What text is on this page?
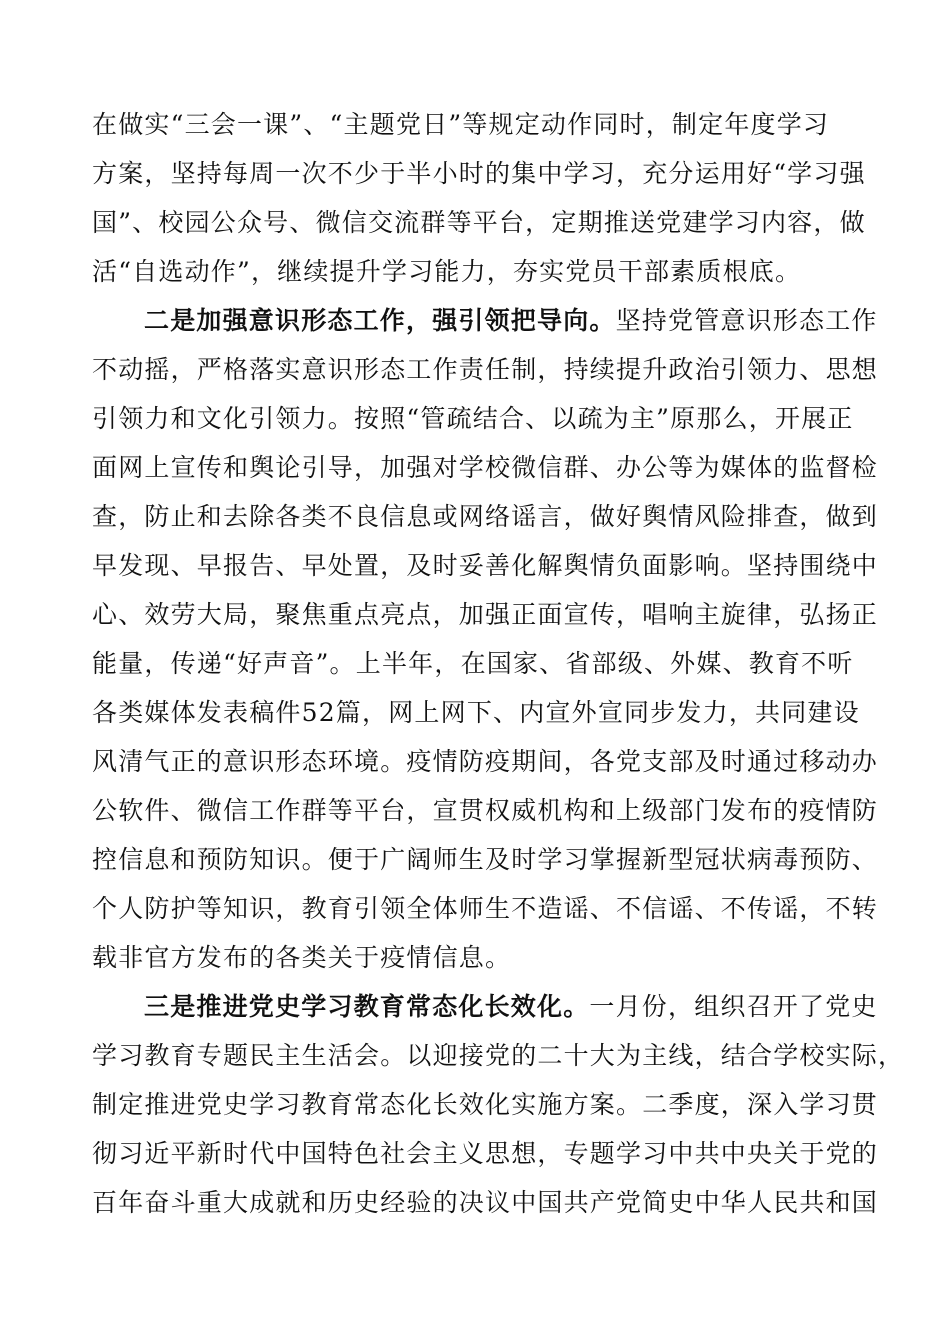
在做实“三会一课”、“主题党日”等规定动作同时，制定年度学习
方案，坚持每周一次不少于半小时的集中学习，充分运用好“学习强
国”、校园公众号、微信交流群等平台，定期推送党建学习内容，做
活“自选动作”，继续提升学习能力，夯实党员干部素质根底。
二是加强意识形态工作，强引领把导向。坚持党管意识形态工作
不动摇，严格落实意识形态工作责任制，持续提升政治引领力、思想
引领力和文化引领力。按照“管疏结合、以疏为主”原那么，开展正
面网上宣传和舆论引导，加强对学校微信群、办公等为媒体的监督检
查，防止和去除各类不良信息或网络谣言，做好舆情风险排查，做到
早发现、早报告、早处置，及时妥善化解舆情负面影响。坚持围绕中
心、效劳大局，聚焦重点亮点，加强正面宣传，唱响主旋律，弘扬正
能量，传递“好声音”。上半年，在国家、省部级、外媒、教育不听
各类媒体发表稿件52篇，网上网下、内宣外宣同步发力，共同建设
风清气正的意识形态环境。疫情防疫期间，各党支部及时通过移动办
公软件、微信工作群等平台，宣贯权威机构和上级部门发布的疫情防
控信息和预防知识。便于广阔师生及时学习掌握新型冠状病毒预防、
个人防护等知识，教育引领全体师生不造谣、不信谣、不传谣，不转
载非官方发布的各类关于疫情信息。
三是推进党史学习教育常态化长效化。一月份，组织召开了党史
学习教育专题民主生活会。以迎接党的二十大为主线，结合学校实际，
制定推进党史学习教育常态化长效化实施方案。二季度，深入学习贯
彻习近平新时代中国特色社会主义思想，专题学习中共中央关于党的
百年奋斗重大成就和历史经验的决议中国共产党简史中华人民共和国
